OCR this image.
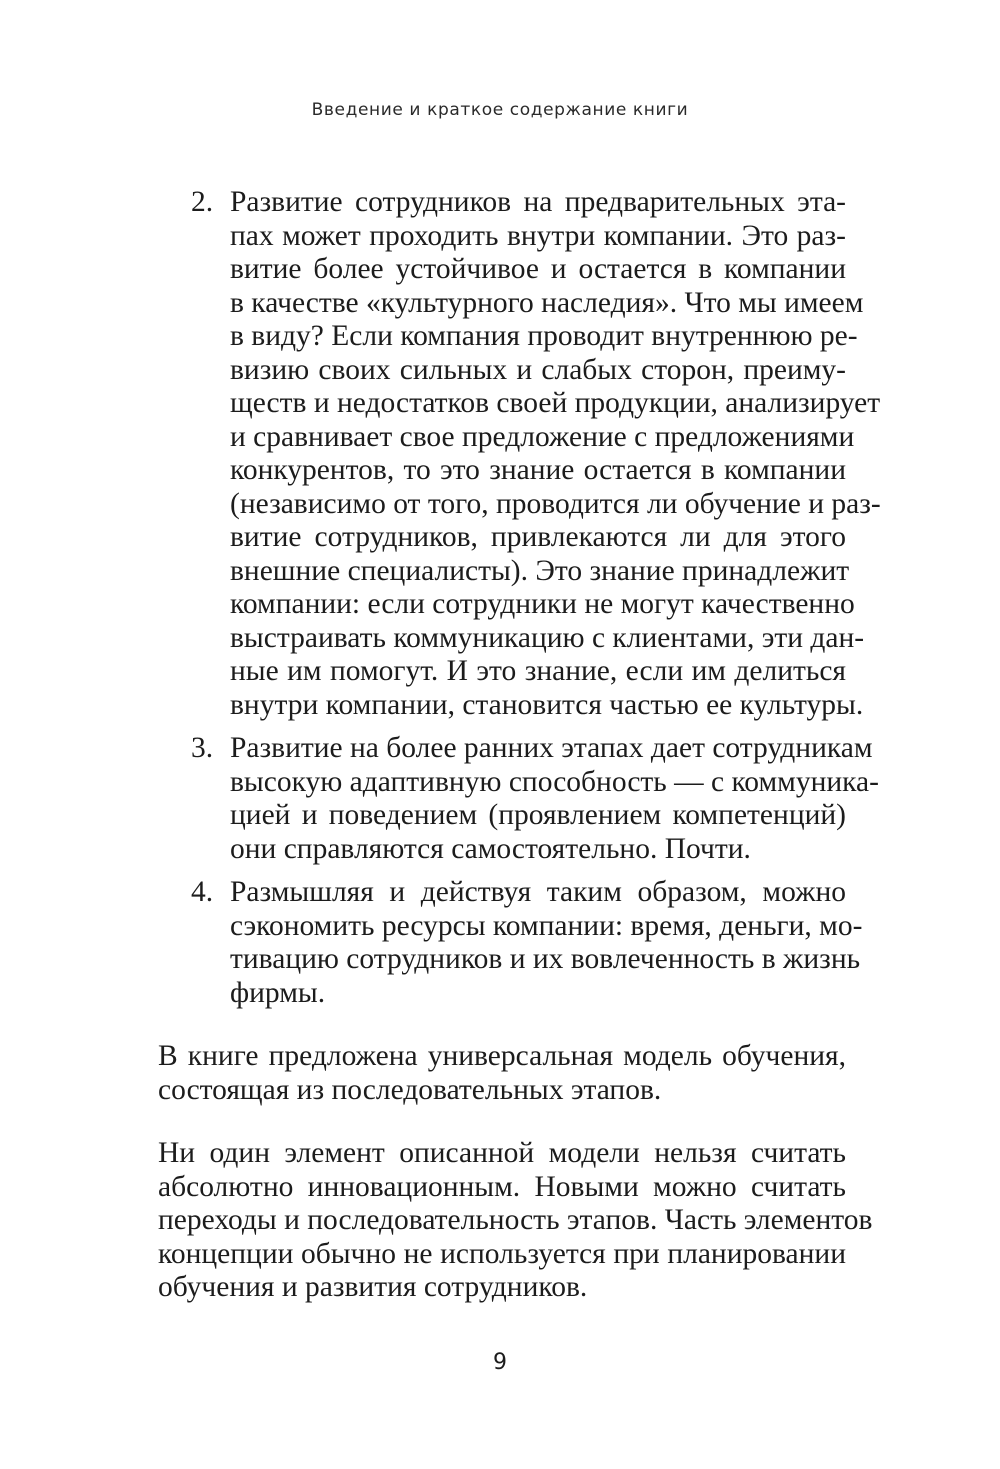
Введение и краткое содержание книги
2. Развитие сотрудников на предварительных эта-
пах может проходить внутри компании. Это раз-
витие более устойчивое и остается в компании
в качестве «культурного наследия». Что мы имеем
в виду? Если компания проводит внутреннюю ре-
визию своих сильных и слабых сторон, преиму-
ществ и недостатков своей продукции, анализирует
и сравнивает свое предложение с предложениями
конкурентов, то это знание остается в компании
(независимо от того, проводится ли обучение и раз-
витие сотрудников, привлекаются ли для этого
внешние специалисты). Это знание принадлежит
компании: если сотрудники не могут качественно
выстраивать коммуникацию с клиентами, эти дан-
ные им помогут. И это знание, если им делиться
внутри компании, становится частью ее культуры.
3. Развитие на более ранних этапах дает сотрудникам
высокую адаптивную способность — с коммуника-
цией и поведением (проявлением компетенций)
они справляются самостоятельно. Почти.
4. Размышляя и действуя таким образом, можно
сэкономить ресурсы компании: время, деньги, мо-
тивацию сотрудников и их вовлеченность в жизнь
фирмы.
В книге предложена универсальная модель обучения,
состоящая из последовательных этапов.
Ни один элемент описанной модели нельзя считать
абсолютно инновационным. Новыми можно считать
переходы и последовательность этапов. Часть элементов
концепции обычно не используется при планировании
обучения и развития сотрудников.
9
